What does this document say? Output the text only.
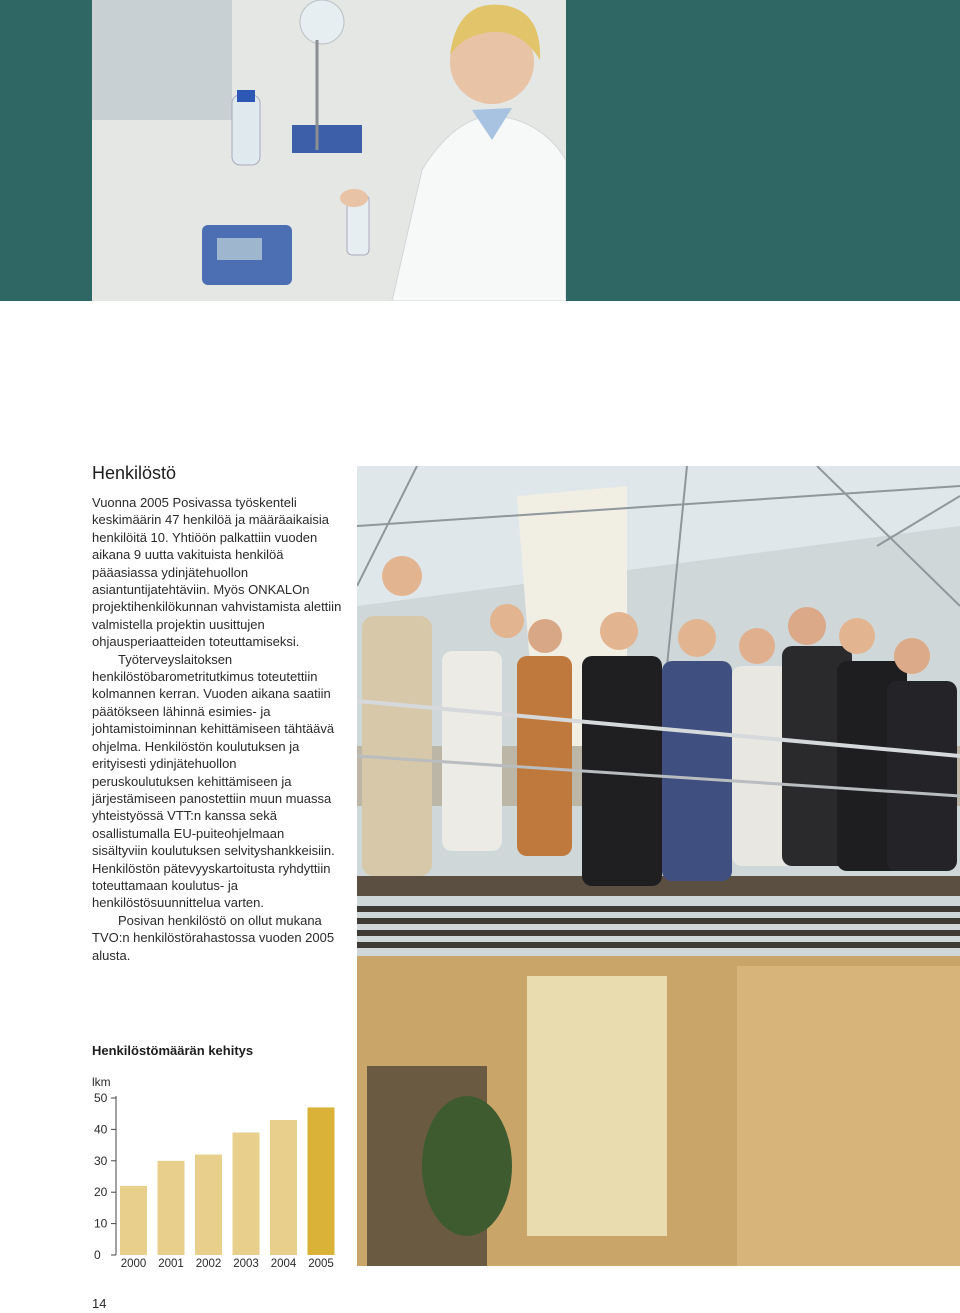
Henkilöstö

Vuonna 2005 Posivassa työskenteli keskimäärin 47 henkilöä ja määräaikaisia henkilöitä 10. Yhtiöön palkattiin vuoden aikana 9 uutta vakituista henkilöä pääasiassa ydinjätehuollon asiantuntijatehtäviin. Myös ONKALOn projektihenkilökunnan vahvistamista alettiin valmistella projektin uusittujen ohjausperiaatteiden toteuttamiseksi.

Työterveyslaitoksen henkilöstöbarometritutkimus toteutettiin kolmannen kerran. Vuoden aikana saatiin päätökseen lähinnä esimies- ja johtamistoiminnan kehittämiseen tähtäävä ohjelma. Henkilöstön koulutuksen ja erityisesti ydinjätehuollon peruskoulutuksen kehittämiseen ja järjestämiseen panostettiin muun muassa yhteistyössä VTT:n kanssa sekä osallistumalla EU-puiteohjelmaan sisältyviin koulutuksen selvityshankkeisiin. Henkilöstön pätevyyskartoitusta ryhdyttiin toteuttamaan koulutus- ja henkilöstösuunnittelua varten.

Posivan henkilöstö on ollut mukana TVO:n henkilöstörahastossa vuoden 2005 alusta.

Henkilöstömäärän kehitys
lkm
0
10
20
30
40
50
2000 2001 2002 2003 2004 2005
14
